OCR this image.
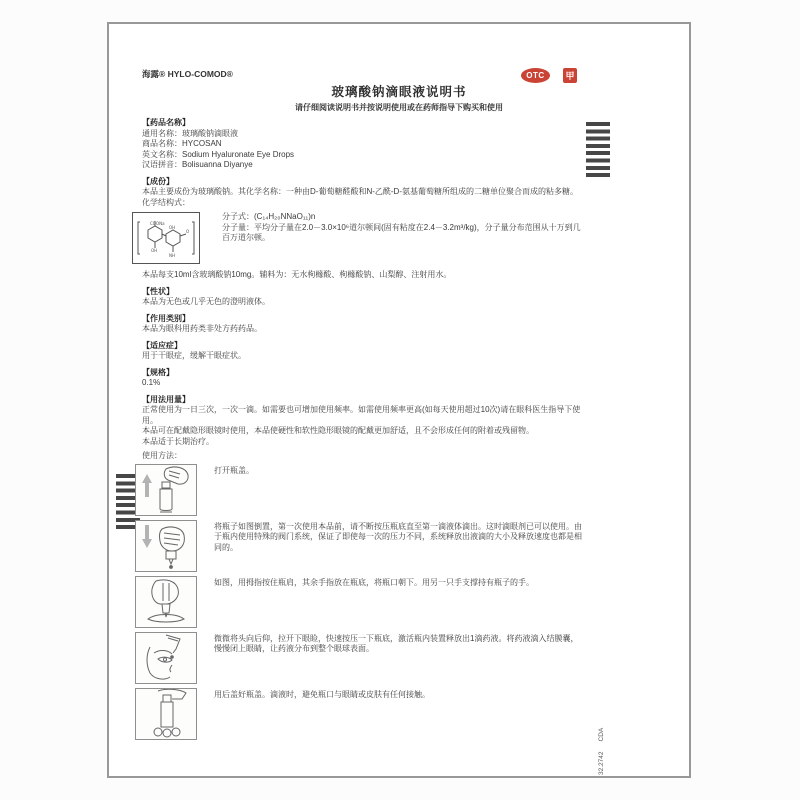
海露® HYLO-COMOD®	OTC 甲
玻璃酸钠滴眼液说明书
请仔细阅读说明书并按说明使用或在药师指导下购买和使用
【药品名称】
通用名称：玻璃酸钠滴眼液
商品名称：HYCOSAN
英文名称：Sodium Hyaluronate Eye Drops
汉语拼音：Bolisuanna Diyanye
【成份】
本品主要成份为玻璃酸钠。其化学名称：一种由D-葡萄糖醛酸和N-乙酰-D-氨基葡萄糖所组成的二糖单位聚合而成的粘多糖。
化学结构式：
COONa
OH
OH
NH
O
分子式：(C₁₄H₂₀NNaO₁₁)n
分子量：平均分子量在2.0－3.0×10⁶道尔顿间(固有粘度在2.4－3.2m³/kg)，分子量分布范围从十万到几百万道尔顿。
本品每支10ml含玻璃酸钠10mg。辅料为：无水枸橼酸、枸橼酸钠、山梨醇、注射用水。
【性状】
本品为无色或几乎无色的澄明液体。
【作用类别】
本品为眼科用药类非处方药药品。
【适应症】
用于干眼症，缓解干眼症状。
【规格】
0.1%
【用法用量】
正常使用为一日三次，一次一滴。如需要也可增加使用频率。如需使用频率更高(如每天使用超过10次)请在眼科医生指导下使用。
本品可在配戴隐形眼镜时使用，本品使硬性和软性隐形眼镜的配戴更加舒适，且不会形成任何的附着或残留物。
本品适于长期治疗。
使用方法：
打开瓶盖。
将瓶子如图倒置，第一次使用本品前，请不断按压瓶底直至第一滴液体滴出。这时滴眼剂已可以使用。由于瓶内使用特殊的阀门系统，保证了即使每一次的压力不同，系统释放出液滴的大小及释放速度也都是相同的。
如图，用拇指按住瓶肩，其余手指放在瓶底，将瓶口朝下。用另一只手支撑持有瓶子的手。
微微将头向后仰，拉开下眼睑，快速按压一下瓶底，激活瓶内装置释放出1滴药液。将药液滴入结膜囊，慢慢闭上眼睛，让药液分布到整个眼球表面。
用后盖好瓶盖。滴液时，避免瓶口与眼睛或皮肤有任何接触。
32.2742
CDA
